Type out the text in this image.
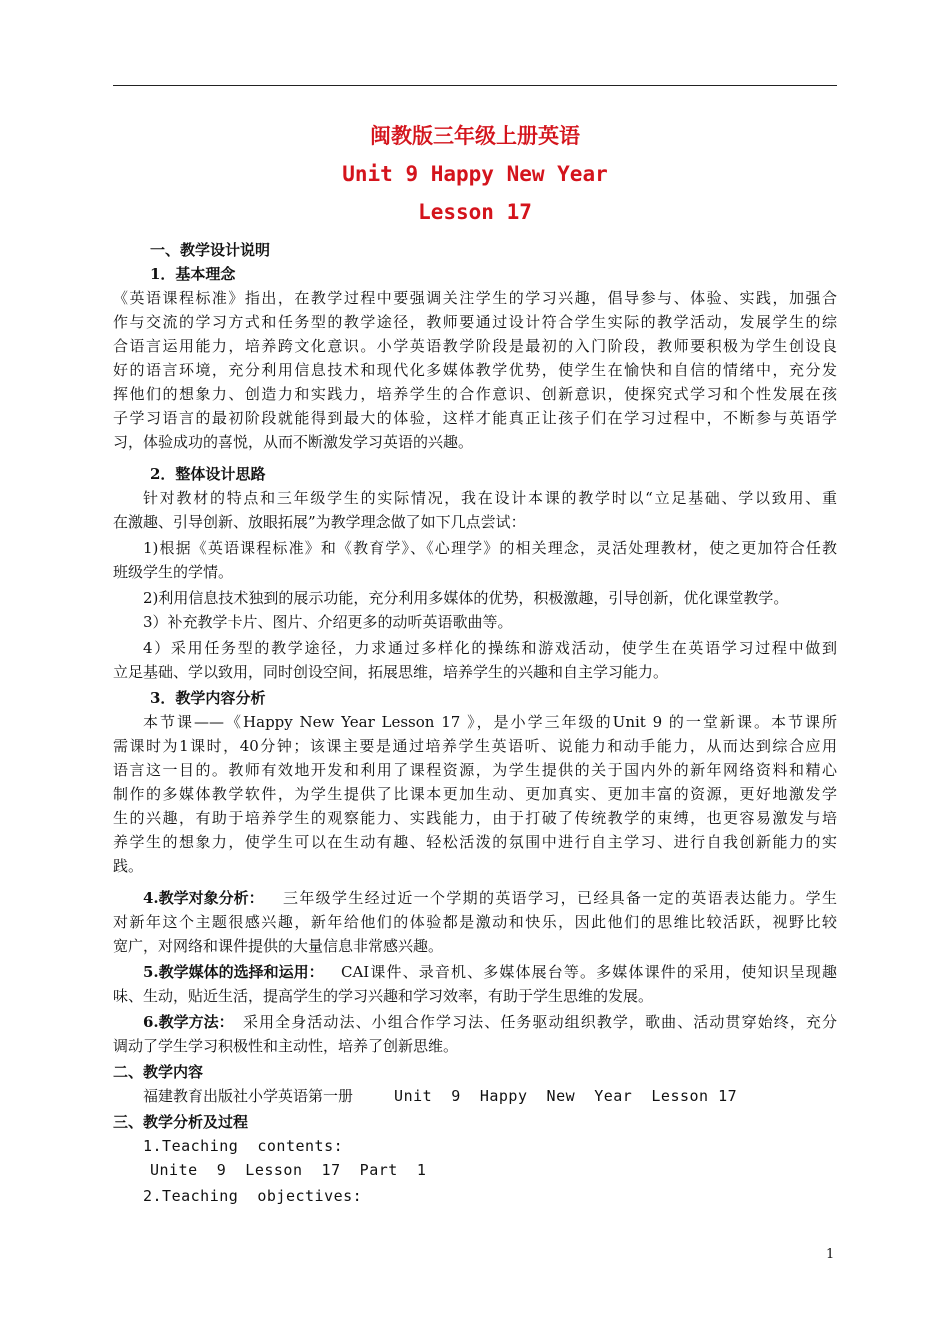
闽教版三年级上册英语
Unit 9 Happy New Year
Lesson 17
一、教学设计说明
1．基本理念
《英语课程标准》指出，在教学过程中要强调关注学生的学习兴趣，倡导参与、体验、实践，加强合
作与交流的学习方式和任务型的教学途径，教师要通过设计符合学生实际的教学活动，发展学生的综
合语言运用能力，培养跨文化意识。小学英语教学阶段是最初的入门阶段，教师要积极为学生创设良
好的语言环境，充分利用信息技术和现代化多媒体教学优势，使学生在愉快和自信的情绪中，充分发
挥他们的想象力、创造力和实践力，培养学生的合作意识、创新意识，使探究式学习和个性发展在孩
子学习语言的最初阶段就能得到最大的体验，这样才能真正让孩子们在学习过程中，不断参与英语学
习，体验成功的喜悦，从而不断激发学习英语的兴趣。
2．整体设计思路
针对教材的特点和三年级学生的实际情况，我在设计本课的教学时以“立足基础、学以致用、重
在激趣、引导创新、放眼拓展”为教学理念做了如下几点尝试：
1)根据《英语课程标准》和《教育学》、《心理学》的相关理念，灵活处理教材，使之更加符合任教
班级学生的学情。
2)利用信息技术独到的展示功能，充分利用多媒体的优势，积极激趣，引导创新，优化课堂教学。
3）补充教学卡片、图片、介绍更多的动听英语歌曲等。
4）采用任务型的教学途径，力求通过多样化的操练和游戏活动，使学生在英语学习过程中做到
立足基础、学以致用，同时创设空间，拓展思维，培养学生的兴趣和自主学习能力。
3．教学内容分析
本节课——《Happy New Year Lesson 17 》，是小学三年级的Unit 9 的一堂新课。本节课所
需课时为1课时，40分钟；该课主要是通过培养学生英语听、说能力和动手能力，从而达到综合应用
语言这一目的。教师有效地开发和利用了课程资源，为学生提供的关于国内外的新年网络资料和精心
制作的多媒体教学软件，为学生提供了比课本更加生动、更加真实、更加丰富的资源，更好地激发学
生的兴趣，有助于培养学生的观察能力、实践能力，由于打破了传统教学的束缚，也更容易激发与培
养学生的想象力，使学生可以在生动有趣、轻松活泼的氛围中进行自主学习、进行自我创新能力的实
践。
4.教学对象分析： 三年级学生经过近一个学期的英语学习，已经具备一定的英语表达能力。学生
对新年这个主题很感兴趣，新年给他们的体验都是激动和快乐，因此他们的思维比较活跃，视野比较
宽广，对网络和课件提供的大量信息非常感兴趣。
5.教学媒体的选择和运用： CAI课件、录音机、多媒体展台等。多媒体课件的采用，使知识呈现趣
味、生动，贴近生活，提高学生的学习兴趣和学习效率，有助于学生思维的发展。
6.教学方法： 采用全身活动法、小组合作学习法、任务驱动组织教学，歌曲、活动贯穿始终，充分
调动了学生学习积极性和主动性，培养了创新思维。
二、教学内容
福建教育出版社小学英语第一册 Unit  9  Happy  New  Year  Lesson 17
三、教学分析及过程
1.Teaching  contents:
Unite  9  Lesson  17  Part  1
2.Teaching  objectives:
1
